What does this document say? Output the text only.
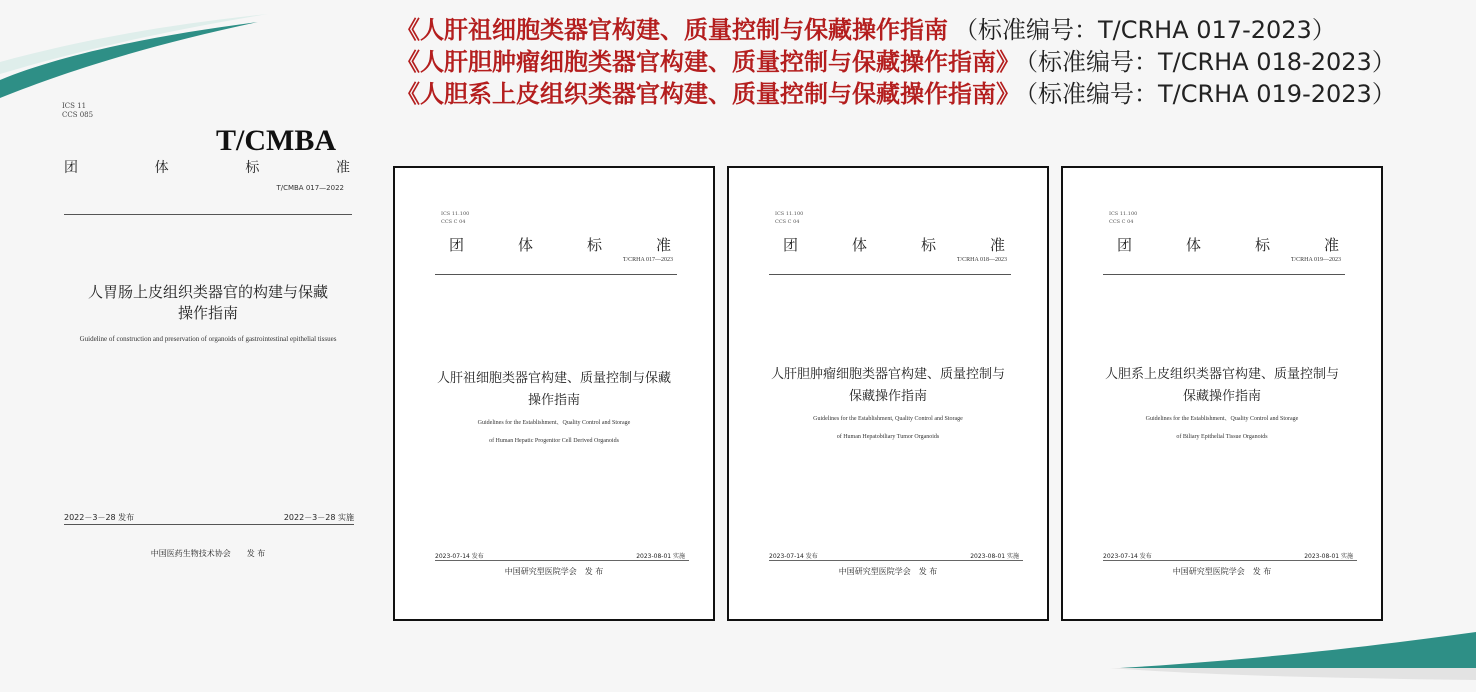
《人肝祖细胞类器官构建、质量控制与保藏操作指南 （标准编号：T/CRHA 017-2023）
《人肝胆肿瘤细胞类器官构建、质量控制与保藏操作指南》 （标准编号：T/CRHA 018-2023）
《人胆系上皮组织类器官构建、质量控制与保藏操作指南》 （标准编号：T/CRHA 019-2023）
ICS 11
CCS 085
T/CMBA
团	体	标	准
T/CMBA 017—2022
人胃肠上皮组织类器官的构建与保藏
操作指南
Guideline of construction and preservation of organoids of gastrointestinal epithelial tissues
2022－3－28 发布	2022－3－28 实施
中国医药生物技术协会　　发 布
ICS 11.100
CCS C 04
团	体	标	准
T/CRHA 017—2023
人肝祖细胞类器官构建、质量控制与保藏
操作指南
Guidelines for the Establishment、Quality Control and Storage
of Human Hepatic Progenitor Cell Derived Organoids
2023-07-14 发布	2023-08-01 实施
中国研究型医院学会　发 布
ICS 11.100
CCS C 04
团	体	标	准
T/CRHA 018—2023
人肝胆肿瘤细胞类器官构建、质量控制与
保藏操作指南
Guidelines for the Establishment, Quality Control and Storage
of Human Hepatobiliary Tumor Organoids
2023-07-14 发布	2023-08-01 实施
中国研究型医院学会　发 布
ICS 11.100
CCS C 04
团	体	标	准
T/CRHA 019—2023
人胆系上皮组织类器官构建、质量控制与
保藏操作指南
Guidelines for the Establishment、Quality Control and Storage
of Biliary Epithelial Tissue Organoids
2023-07-14 发布	2023-08-01 实施
中国研究型医院学会　发 布
